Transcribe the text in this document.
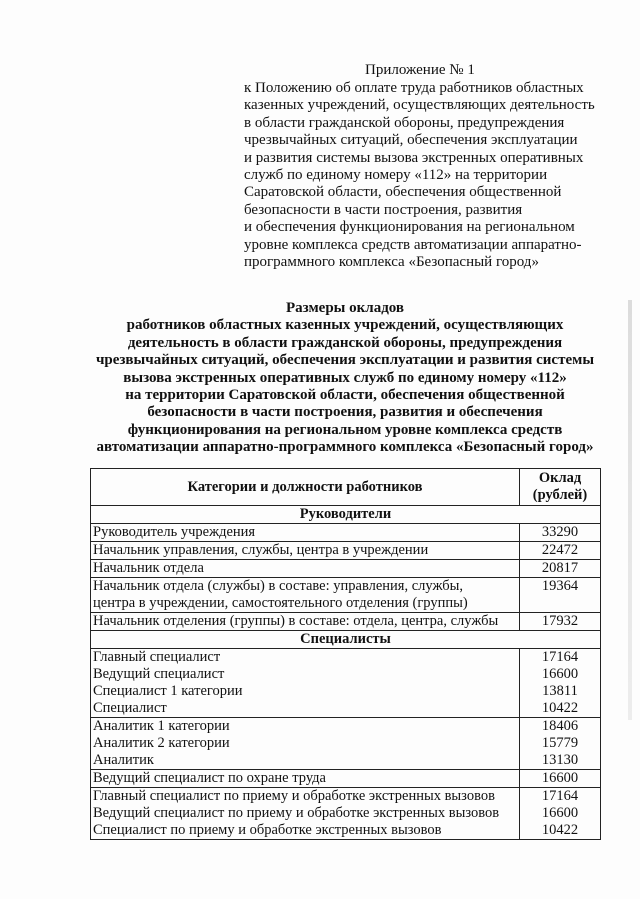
Приложение № 1
к Положению об оплате труда работников областных
казенных учреждений, осуществляющих деятельность
в области гражданской обороны, предупреждения
чрезвычайных ситуаций, обеспечения эксплуатации
и развития системы вызова экстренных оперативных
служб по единому номеру «112» на территории
Саратовской области, обеспечения общественной
безопасности в части построения, развития
и обеспечения функционирования на региональном
уровне комплекса средств автоматизации аппаратно-
программного комплекса «Безопасный город»
Размеры окладов
работников областных казенных учреждений, осуществляющих
деятельность в области гражданской обороны, предупреждения
чрезвычайных ситуаций, обеспечения эксплуатации и развития системы
вызова экстренных оперативных служб по единому номеру «112»
на территории Саратовской области, обеспечения общественной
безопасности в части построения, развития и обеспечения
функционирования на региональном уровне комплекса средств
автоматизации аппаратно-программного комплекса «Безопасный город»
Категории и должности работников	Оклад
(рублей)

Руководители	
Руководитель учреждения	33290
Начальник управления, службы, центра в учреждении	22472
Начальник отдела	20817

Начальник отдела (службы) в составе: управления, службы,
центра в учреждении, самостоятельного отделения (группы)	19364
Начальник отделения (группы) в составе: отдела, центра, службы	17932
Специалисты	
Главный специалист	17164
Ведущий специалист	16600
Специалист 1 категории	13811
Специалист	10422
Аналитик 1 категории	18406
Аналитик 2 категории	15779
Аналитик	13130
Ведущий специалист по охране труда	16600
Главный специалист по приему и обработке экстренных вызовов	17164
Ведущий специалист по приему и обработке экстренных вызовов	16600
Специалист по приему и обработке экстренных вызовов	10422
